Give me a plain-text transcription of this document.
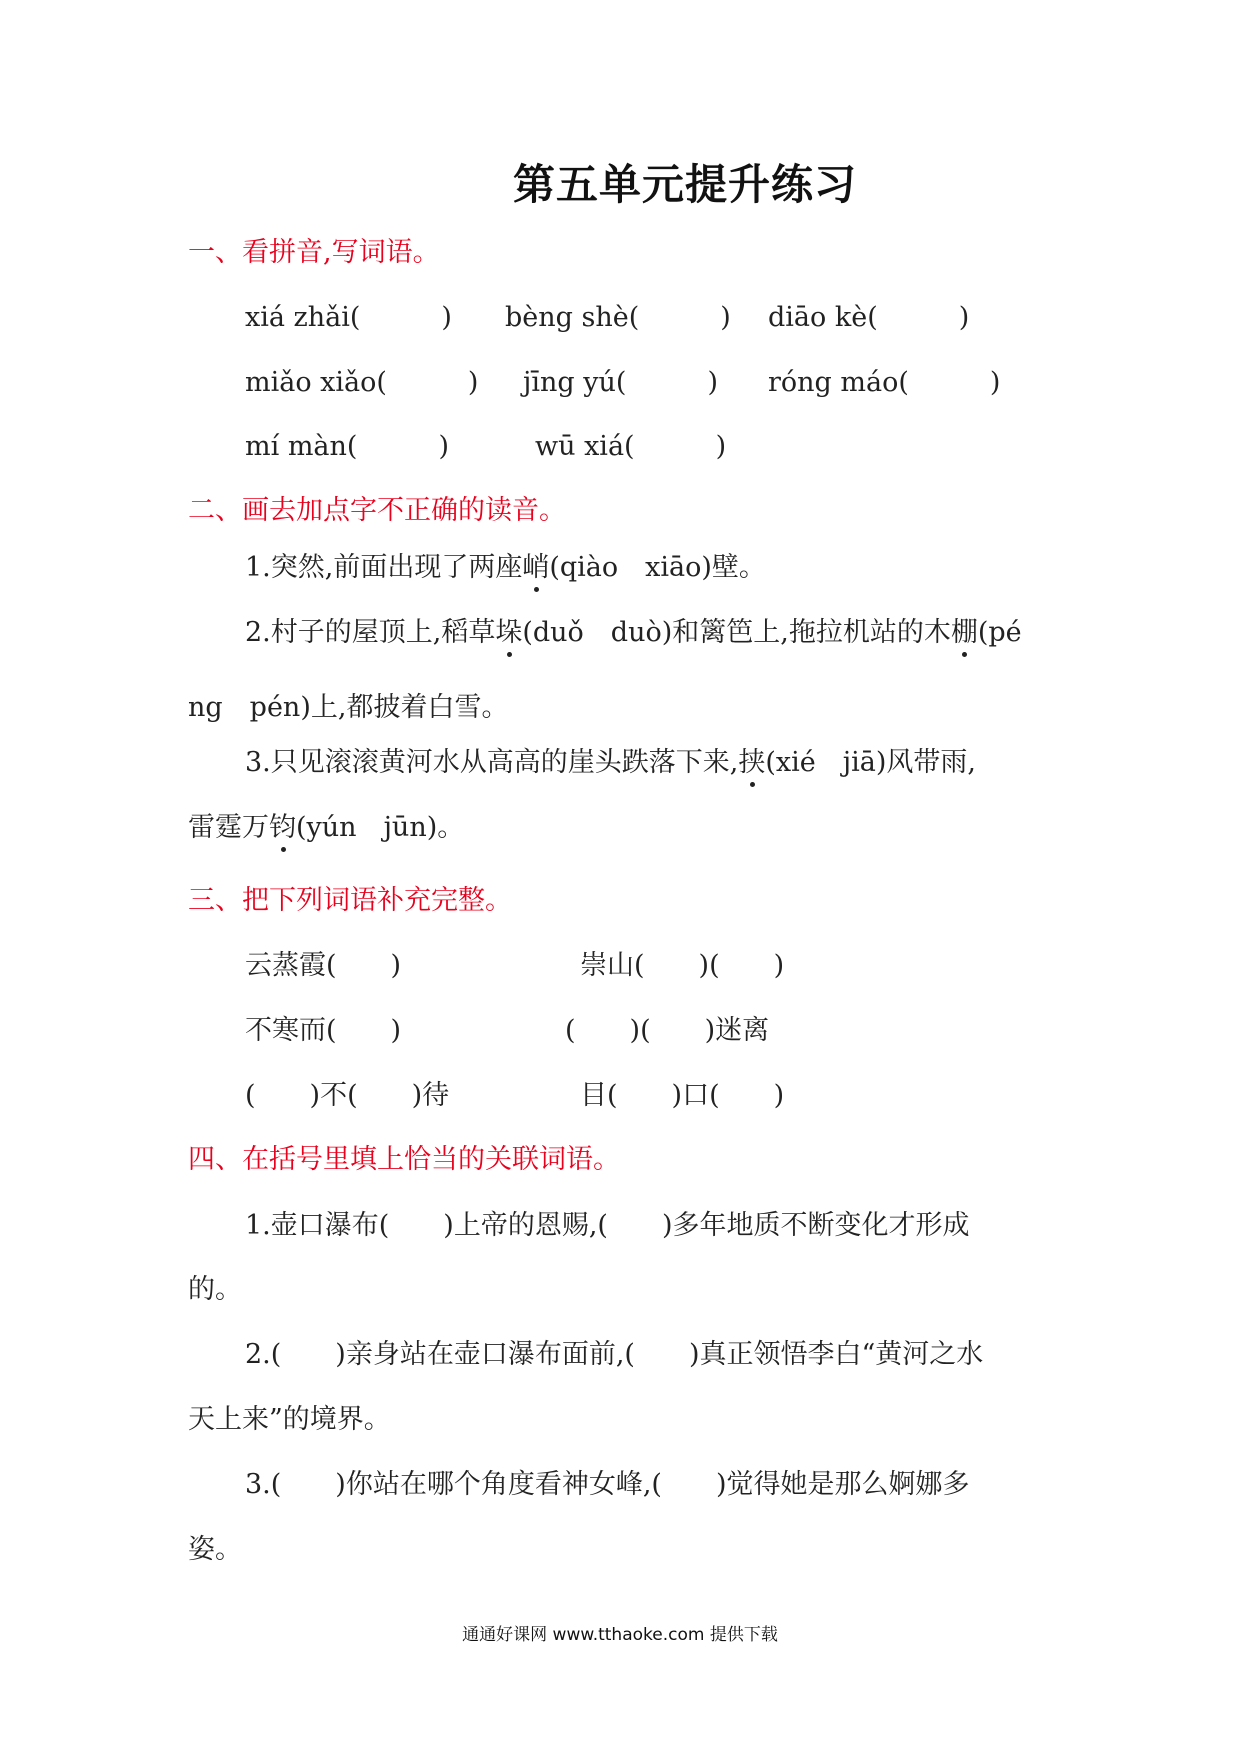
第五单元提升练习
一、看拼音,写词语。
xiá zhǎi(　　　) bèng shè(　　　) diāo kè(　　　)
miǎo xiǎo(　　　) jīng yú(　　　) róng máo(　　　)
mí màn(　　　)	wū xiá(　　　)
二、画去加点字不正确的读音。
1.突然,前面出现了两座峭(qiào　xiāo)壁。
2.村子的屋顶上,稻草垛(duǒ　duò)和篱笆上,拖拉机站的木棚(pé
ng　pén)上,都披着白雪。
3.只见滚滚黄河水从高高的崖头跌落下来,挟(xié　jiā)风带雨,
雷霆万钧(yún　jūn)。
三、把下列词语补充完整。
云蒸霞(　　)	崇山(　　)(　　)
不寒而(　　)	(　　)(　　)迷离
(　　)不(　　)待	目(　　)口(　　)
四、在括号里填上恰当的关联词语。
1.壶口瀑布(　　)上帝的恩赐,(　　)多年地质不断变化才形成
的。
2.(　　)亲身站在壶口瀑布面前,(　　)真正领悟李白“黄河之水
天上来”的境界。
3.(　　)你站在哪个角度看神女峰,(　　)觉得她是那么婀娜多
姿。
通通好课网 www.tthaoke.com 提供下载
